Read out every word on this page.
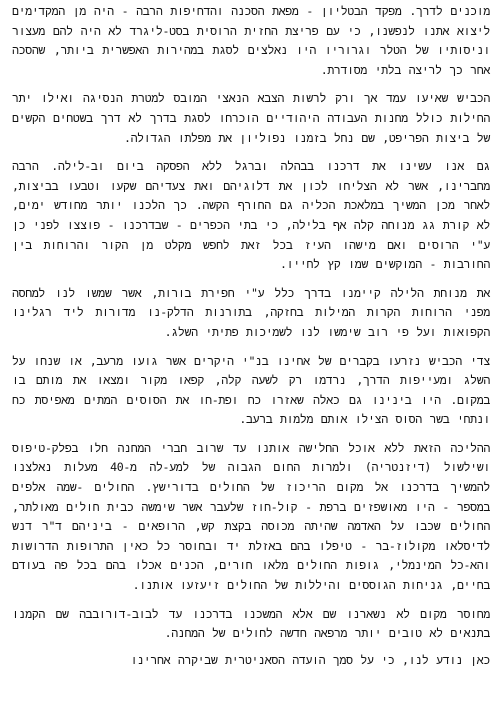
מוכנים לדרך. מפקד הבטליון - מפאת הסכנה והדחיפות הרבה - היה מן המקדימים ליצוא אתנו לנפשנו, כי עם פריצת החזית הרוסית בסט-ליגרד לא היה להם מעצור וניסותיו של הטלר וגרוריו היו נאלצים לסגת במהירות האפשרית ביותר, שהסכה אחר כך לריצה בלתי מסודרת.

הכביש שאיעו עמד אך ורק לרשות הצבא הנאצי המובס למטרת הנסיגה ואילו יתר החילות כולל מחנות העבודה היהודיים הוכרחו לסגת בדרך לא דרך בשטחים הקשים של ביצות הפריפט, שם נחל בזמנו נפוליון את מפלתו הגדולה.

גם אנו עשינו את דרכנו בבהלה וברגל ללא הפסקה ביום וב-לילה. הרבה מחברינו, אשר לא הצליחו לכון את דלוגיהם ואת צעדיהם שקעו וטבעו בביצות, לאחר מכן המשיך במלאכת הכליה גם החורף הקשה. כך הלכנו יותר מחודש ימים, לא קורת גג מנוחה קלה אף בלילה, כי בתי הכפרים - שבדרכנו - פוצצו לפני כן ע"י הרוסים ואם מישהו העיז בכל זאת לחפש מקלט מן הקור והרוחות בין החורבות - המוקשים שמו קץ לחייו.

את מנוחת הלילה קיימנו בדרך כלל ע"י חפירת בורות, אשר שמשו לנו למחסה מפני הרוחות הקרות המילות בחזקה, בתורנות הדלק-נו מדורות ליד רגלינו הקפואות ועל פי רוב שימשו לנו לשמיכות פתיתי השלג.

צדי הכביש נזרעו בקברים של אחינו בנ"י היקרים אשר גועו מרעב, או שנחו על השלג ומעייפות הדרך, נרדמו רק לשעה קלה, קפאו מקור ומצאו את מותם בו במקום. היו בינינו גם כאלה שאזרו כח ופת-חו את הסוסים המתים מאפיסת כח ונתחי בשר הסוס הצילו אותם מלמות ברעב.

ההליכה הזאת ללא אוכל החלישה אותנו עד שרוב חברי המחנה חלו בפלק-טיפוס ושילשול (דיזנטריה) ולמרות החום הגבוה של למע-לה מ-40 מעלות נאלצנו להמשיך בדרכנו אל מקום הריכוז של החולים בדורישץ. החולים -שמה אלפים במספר - היו מאושפזים ברפת - קול-חוז שלעבר אשר שימשה כבית חולים מאולתר, החולים שכבו על האדמה שהיתה מכוסה בקצת קש, הרופאים - ביניהם ד"ר דנש לדיסלאו מקולוז-בר - טיפלו בהם באזלת יד ובחוסר כל כאין התרופות הדרושות והא-כל המינמלי, גופות החולים מלאו חורים, הכנים אכלו בהם בכל פה בעודם בחיים, גניחות הגוססים והיללות של החולים זיעזעו אותנו.

מחוסר מקום לא נשארנו שם אלא המשכנו בדרכנו עד לבוב-דורובבה שם הקמנו בתנאים לא טובים יותר מרפאה חדשה לחולים של המחנה.

כאן נודע לנו, כי על סמך הועדה הסאניטרית שביקרה אחרינו
